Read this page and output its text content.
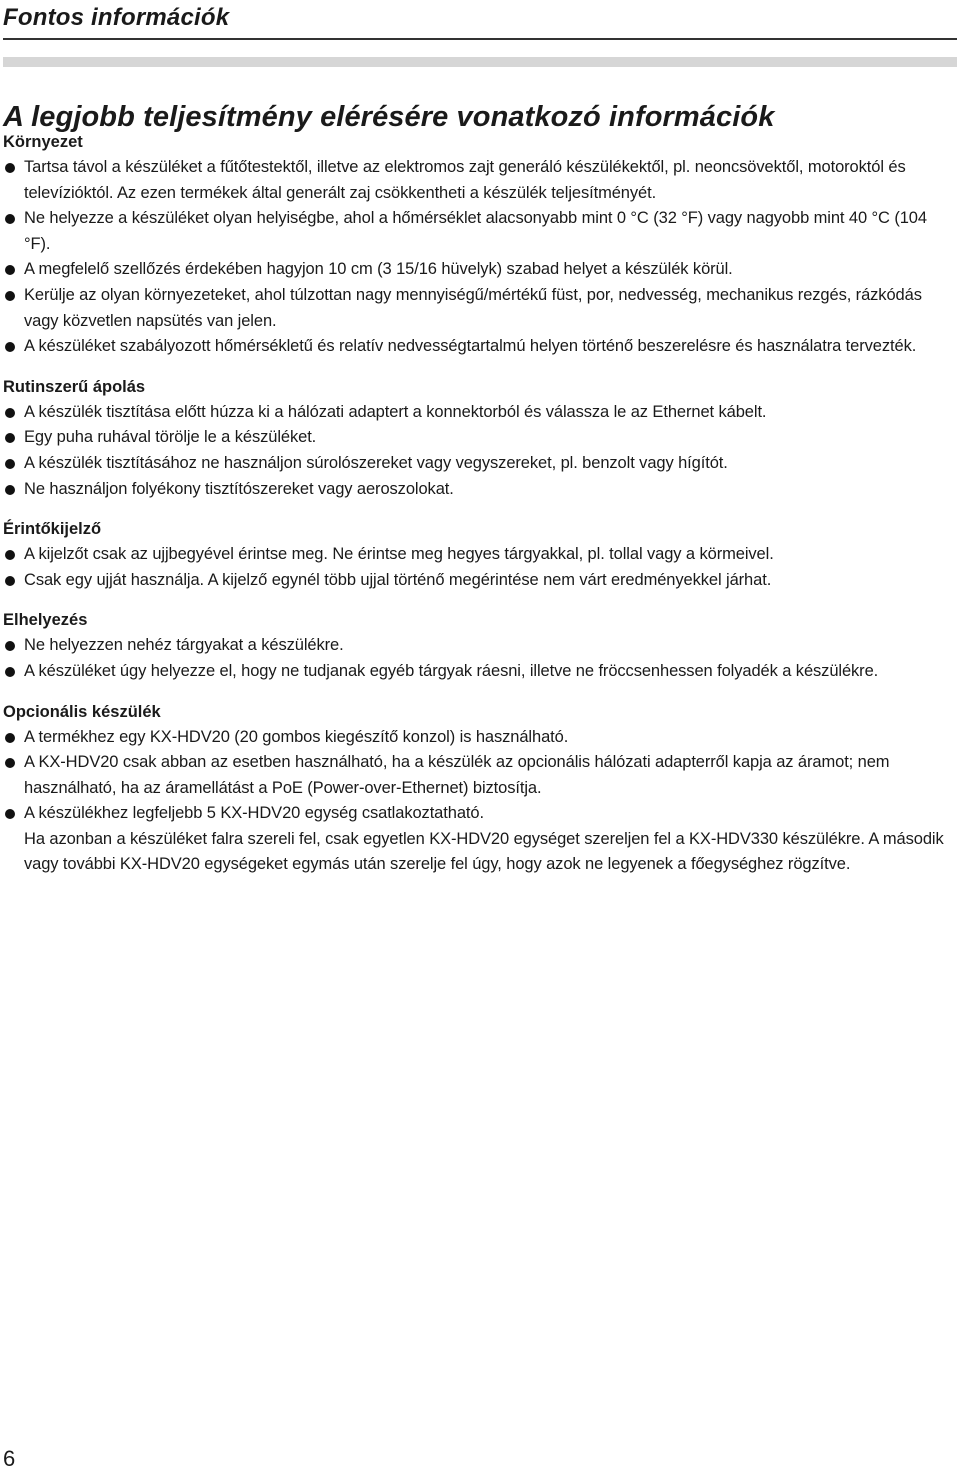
Fontos információk
A legjobb teljesítmény elérésére vonatkozó információk
Környezet
Tartsa távol a készüléket a fűtőtestektől, illetve az elektromos zajt generáló készülékektől, pl. neoncsövektől, motoroktól és televízióktól. Az ezen termékek által generált zaj csökkentheti a készülék teljesítményét.
Ne helyezze a készüléket olyan helyiségbe, ahol a hőmérséklet alacsonyabb mint 0 °C (32 °F) vagy nagyobb mint 40 °C (104 °F).
A megfelelő szellőzés érdekében hagyjon 10 cm (3 15/16 hüvelyk) szabad helyet a készülék körül.
Kerülje az olyan környezeteket, ahol túlzottan nagy mennyiségű/mértékű füst, por, nedvesség, mechanikus rezgés, rázkódás vagy közvetlen napsütés van jelen.
A készüléket szabályozott hőmérsékletű és relatív nedvességtartalmú helyen történő beszerelésre és használatra tervezték.
Rutinszerű ápolás
A készülék tisztítása előtt húzza ki a hálózati adaptert a konnektorból és válassza le az Ethernet kábelt.
Egy puha ruhával törölje le a készüléket.
A készülék tisztításához ne használjon súrolószereket vagy vegyszereket, pl. benzolt vagy hígítót.
Ne használjon folyékony tisztítószereket vagy aeroszolokat.
Érintőkijelző
A kijelzőt csak az ujjbegyével érintse meg. Ne érintse meg hegyes tárgyakkal, pl. tollal vagy a körmeivel.
Csak egy ujját használja. A kijelző egynél több ujjal történő megérintése nem várt eredményekkel járhat.
Elhelyezés
Ne helyezzen nehéz tárgyakat a készülékre.
A készüléket úgy helyezze el, hogy ne tudjanak egyéb tárgyak ráesni, illetve ne fröccsenhessen folyadék a készülékre.
Opcionális készülék
A termékhez egy KX-HDV20 (20 gombos kiegészítő konzol) is használható.
A KX-HDV20 csak abban az esetben használható, ha a készülék az opcionális hálózati adapterről kapja az áramot; nem használható, ha az áramellátást a PoE (Power-over-Ethernet) biztosítja.
A készülékhez legfeljebb 5 KX-HDV20 egység csatlakoztatható.
Ha azonban a készüléket falra szereli fel, csak egyetlen KX-HDV20 egységet szereljen fel a KX-HDV330 készülékre. A második vagy további KX-HDV20 egységeket egymás után szerelje fel úgy, hogy azok ne legyenek a főegységhez rögzítve.
6
